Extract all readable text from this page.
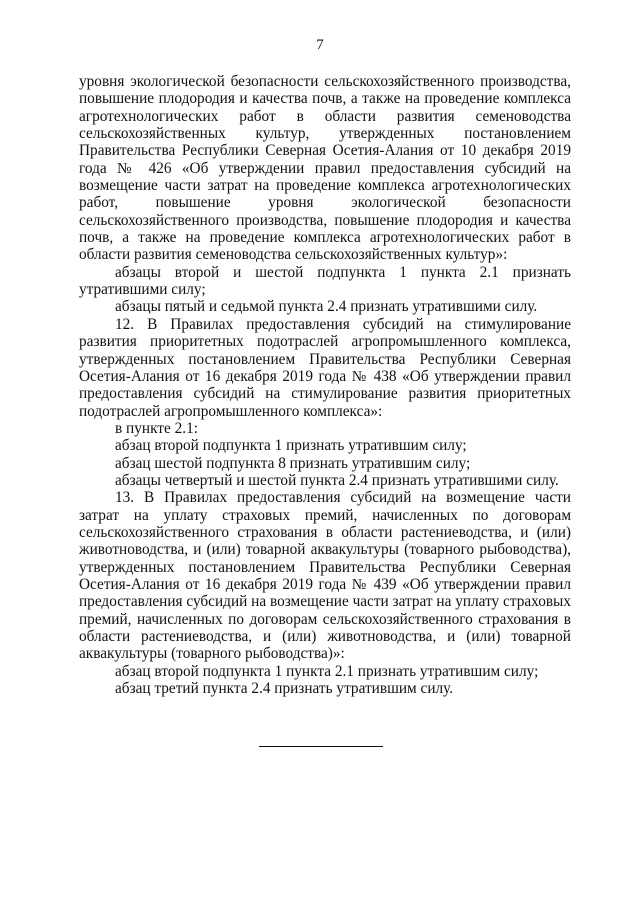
7

уровня экологической безопасности сельскохозяйственного производства, повышение плодородия и качества почв, а также на проведение комплекса агротехнологических работ в области развития семеноводства сельскохозяйственных культур, утвержденных постановлением Правительства Республики Северная Осетия-Алания от 10 декабря 2019 года № 426 «Об утверждении правил предоставления субсидий на возмещение части затрат на проведение комплекса агротехнологических работ, повышение уровня экологической безопасности сельскохозяйственного производства, повышение плодородия и качества почв, а также на проведение комплекса агротехнологических работ в области развития семеноводства сельскохозяйственных культур»:

абзацы второй и шестой подпункта 1 пункта 2.1 признать утратившими силу;

абзацы пятый и седьмой пункта 2.4 признать утратившими силу.

12. В Правилах предоставления субсидий на стимулирование развития приоритетных подотраслей агропромышленного комплекса, утвержденных постановлением Правительства Республики Северная Осетия-Алания от 16 декабря 2019 года № 438 «Об утверждении правил предоставления субсидий на стимулирование развития приоритетных подотраслей агропромышленного комплекса»:

в пункте 2.1:

абзац второй подпункта 1 признать утратившим силу;

абзац шестой подпункта 8 признать утратившим силу;

абзацы четвертый и шестой пункта 2.4 признать утратившими силу.

13. В Правилах предоставления субсидий на возмещение части затрат на уплату страховых премий, начисленных по договорам сельскохозяйственного страхования в области растениеводства, и (или) животноводства, и (или) товарной аквакультуры (товарного рыбоводства), утвержденных постановлением Правительства Республики Северная Осетия-Алания от 16 декабря 2019 года № 439 «Об утверждении правил предоставления субсидий на возмещение части затрат на уплату страховых премий, начисленных по договорам сельскохозяйственного страхования в области растениеводства, и (или) животноводства, и (или) товарной аквакультуры (товарного рыбоводства)»:

абзац второй подпункта 1 пункта 2.1 признать утратившим силу;

абзац третий пункта 2.4 признать утратившим силу.
